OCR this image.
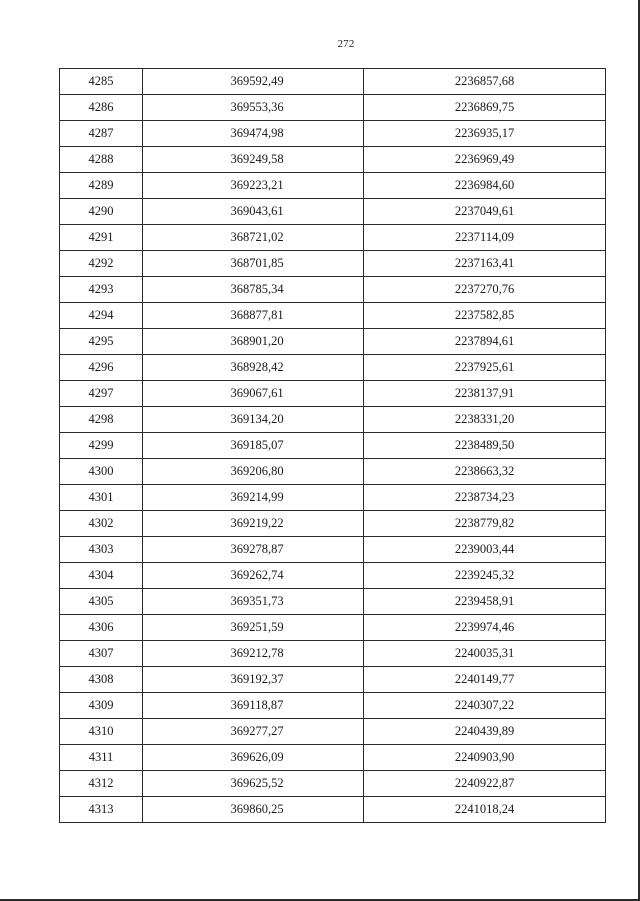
272
4285	369592,49	2236857,68
4286	369553,36	2236869,75
4287	369474,98	2236935,17
4288	369249,58	2236969,49
4289	369223,21	2236984,60
4290	369043,61	2237049,61
4291	368721,02	2237114,09
4292	368701,85	2237163,41
4293	368785,34	2237270,76
4294	368877,81	2237582,85
4295	368901,20	2237894,61
4296	368928,42	2237925,61
4297	369067,61	2238137,91
4298	369134,20	2238331,20
4299	369185,07	2238489,50
4300	369206,80	2238663,32
4301	369214,99	2238734,23
4302	369219,22	2238779,82
4303	369278,87	2239003,44
4304	369262,74	2239245,32
4305	369351,73	2239458,91
4306	369251,59	2239974,46
4307	369212,78	2240035,31
4308	369192,37	2240149,77
4309	369118,87	2240307,22
4310	369277,27	2240439,89
4311	369626,09	2240903,90
4312	369625,52	2240922,87
4313	369860,25	2241018,24
